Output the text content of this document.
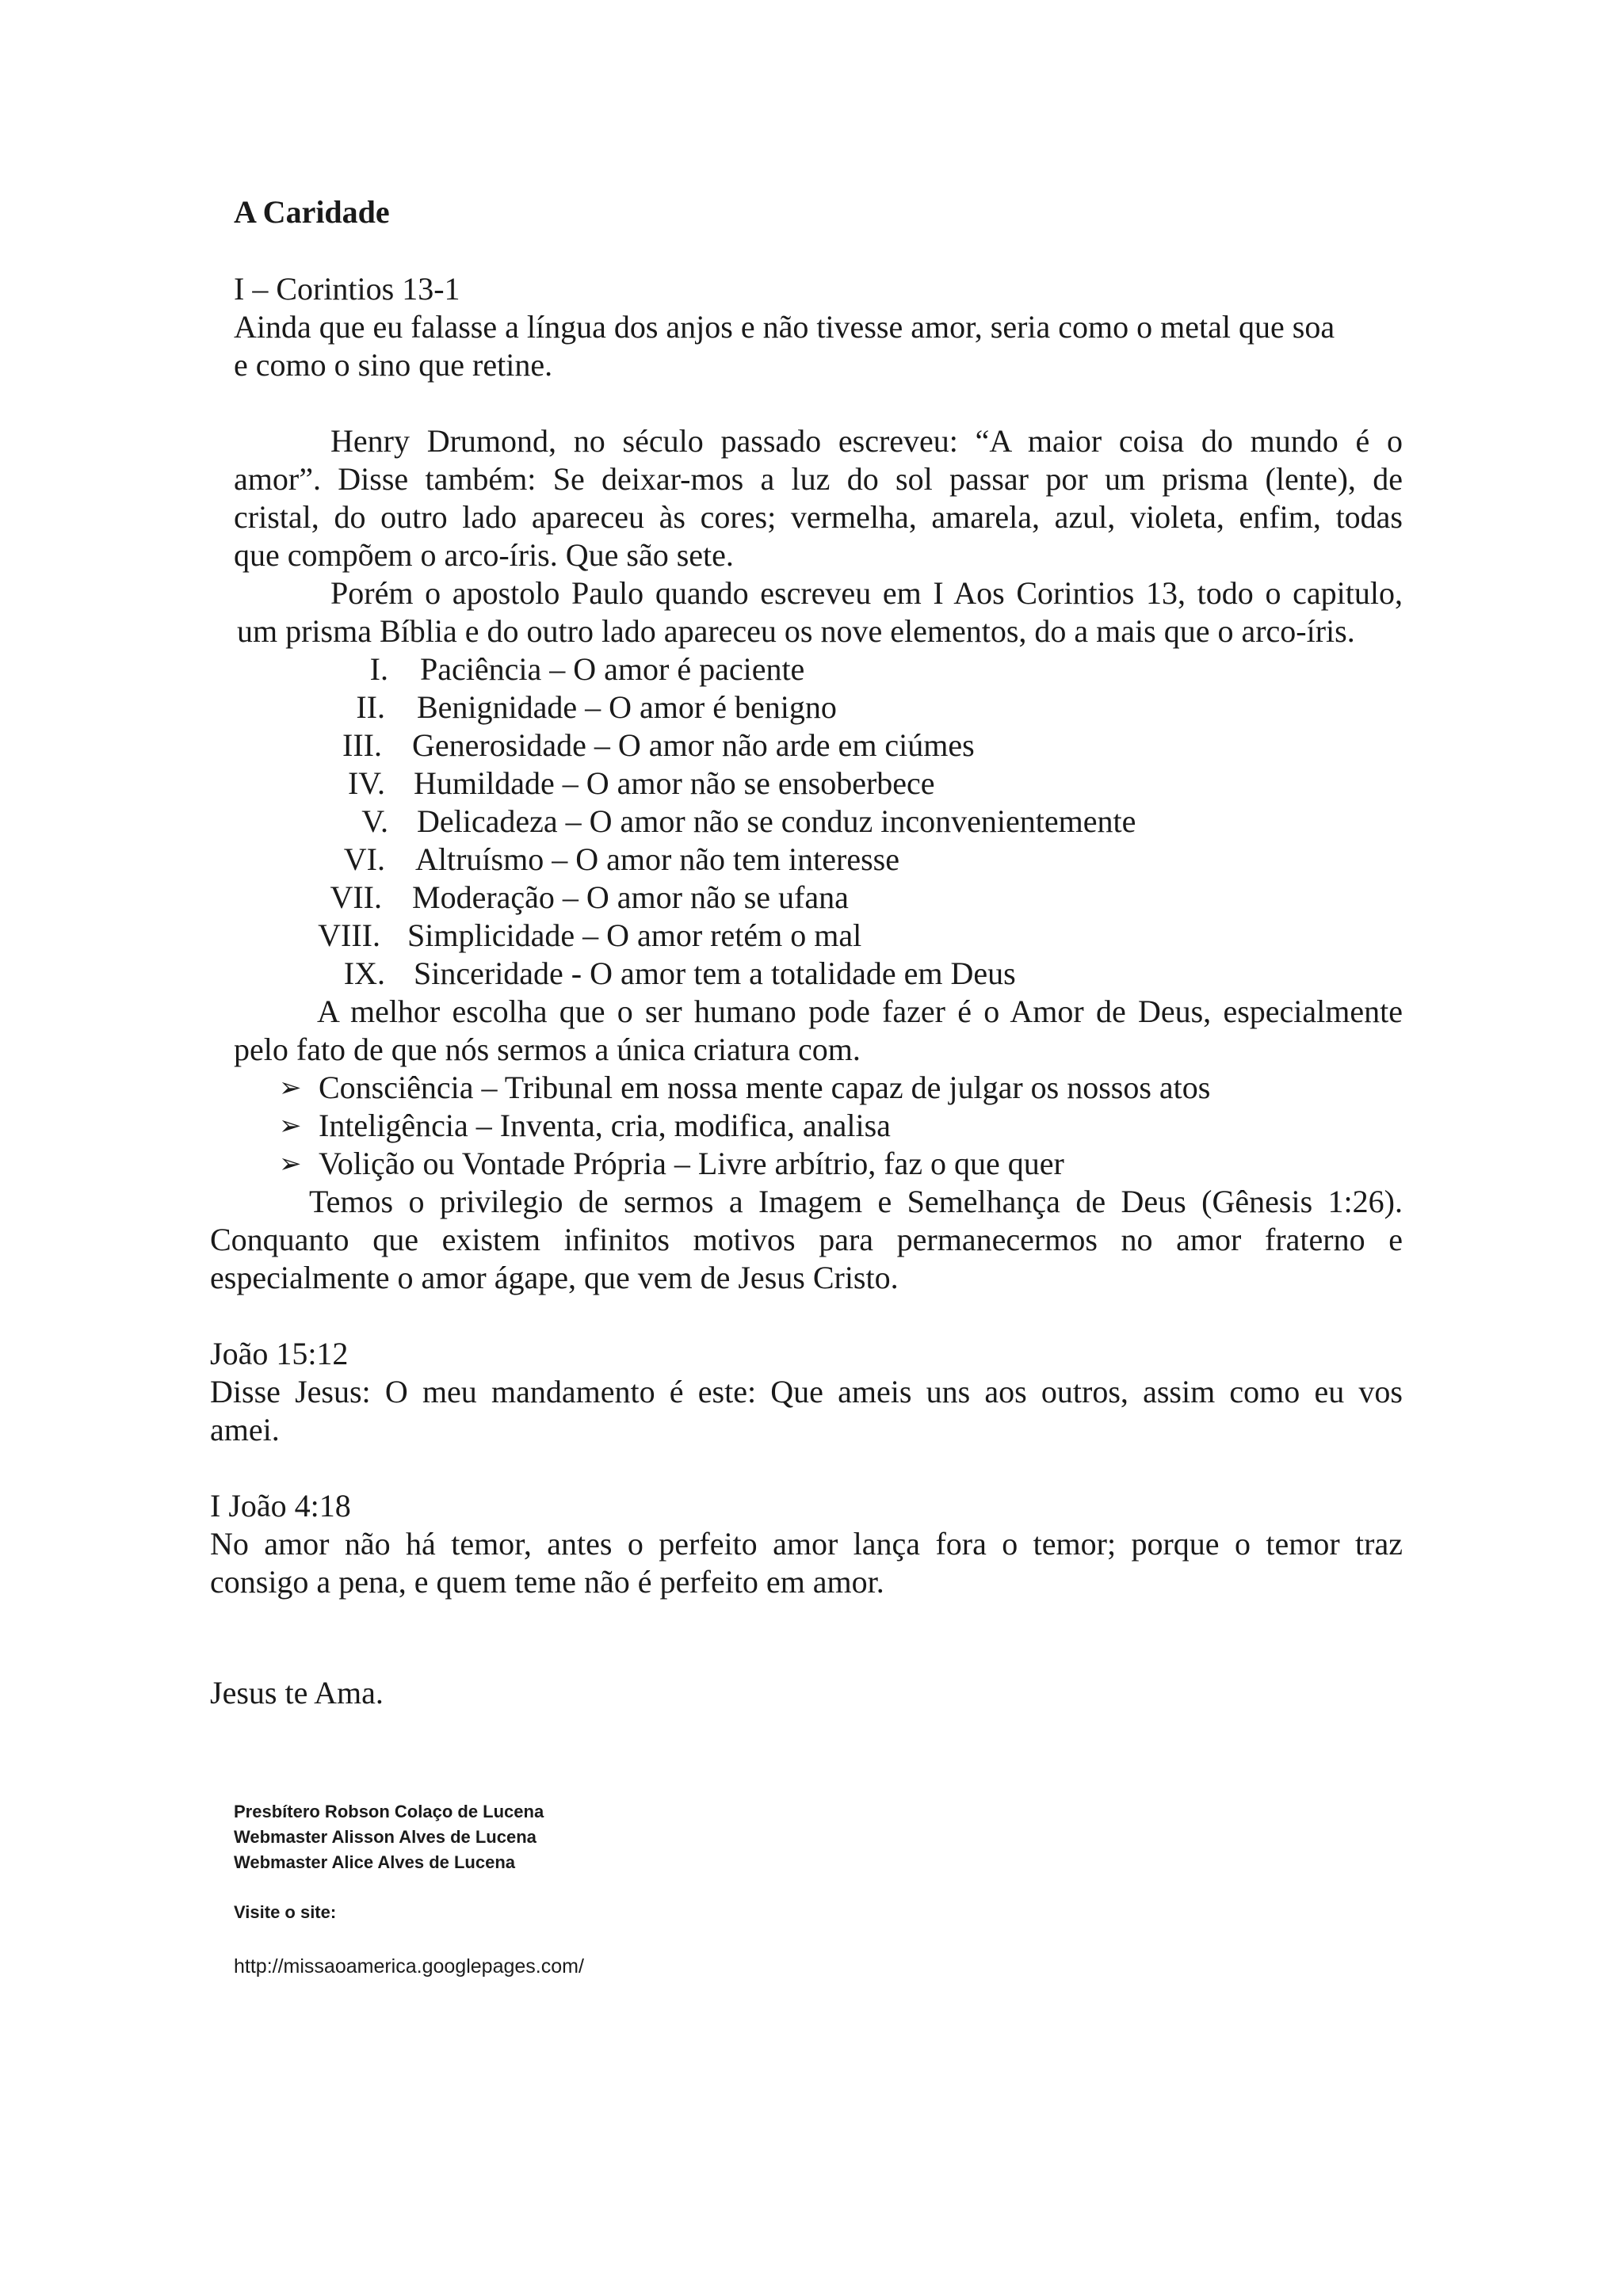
A Caridade
I – Corintios 13-1
Ainda que eu falasse a língua dos anjos e não tivesse amor, seria como o metal que soa
e como o sino que retine.
Henry Drumond, no século passado escreveu: “A maior coisa do mundo é o
amor”. Disse também: Se deixar-mos a luz do sol passar por um prisma (lente), de
cristal, do outro lado apareceu às cores; vermelha, amarela, azul, violeta, enfim, todas
que compõem o arco-íris. Que são sete.
Porém o apostolo Paulo quando escreveu em I Aos Corintios 13, todo o capitulo,
um prisma Bíblia e do outro lado apareceu os nove elementos, do a mais que o arco-íris.
I. Paciência – O amor é paciente
II. Benignidade – O amor é benigno
III. Generosidade – O amor não arde em ciúmes
IV. Humildade – O amor não se ensoberbece
V. Delicadeza – O amor não se conduz inconvenientemente
VI. Altruísmo – O amor não tem interesse
VII. Moderação – O amor não se ufana
VIII. Simplicidade – O amor retém o mal
IX. Sinceridade - O amor tem a totalidade em Deus
A melhor escolha que o ser humano pode fazer é o Amor de Deus, especialmente
pelo fato de que nós sermos a única criatura com.
➢ Consciência – Tribunal em nossa mente capaz de julgar os nossos atos
➢ Inteligência – Inventa, cria, modifica, analisa
➢ Volição ou Vontade Própria – Livre arbítrio, faz o que quer
Temos o privilegio de sermos a Imagem e Semelhança de Deus (Gênesis 1:26).
Conquanto que existem infinitos motivos para permanecermos no amor fraterno e
especialmente o amor ágape, que vem de Jesus Cristo.
João 15:12
Disse Jesus: O meu mandamento é este: Que ameis uns aos outros, assim como eu vos
amei.
I João 4:18
No amor não há temor, antes o perfeito amor lança fora o temor; porque o temor traz
consigo a pena, e quem teme não é perfeito em amor.
Jesus te Ama.
Presbítero Robson Colaço de Lucena
Webmaster Alisson Alves de Lucena
Webmaster Alice Alves de Lucena
Visite o site:
http://missaoamerica.googlepages.com/
